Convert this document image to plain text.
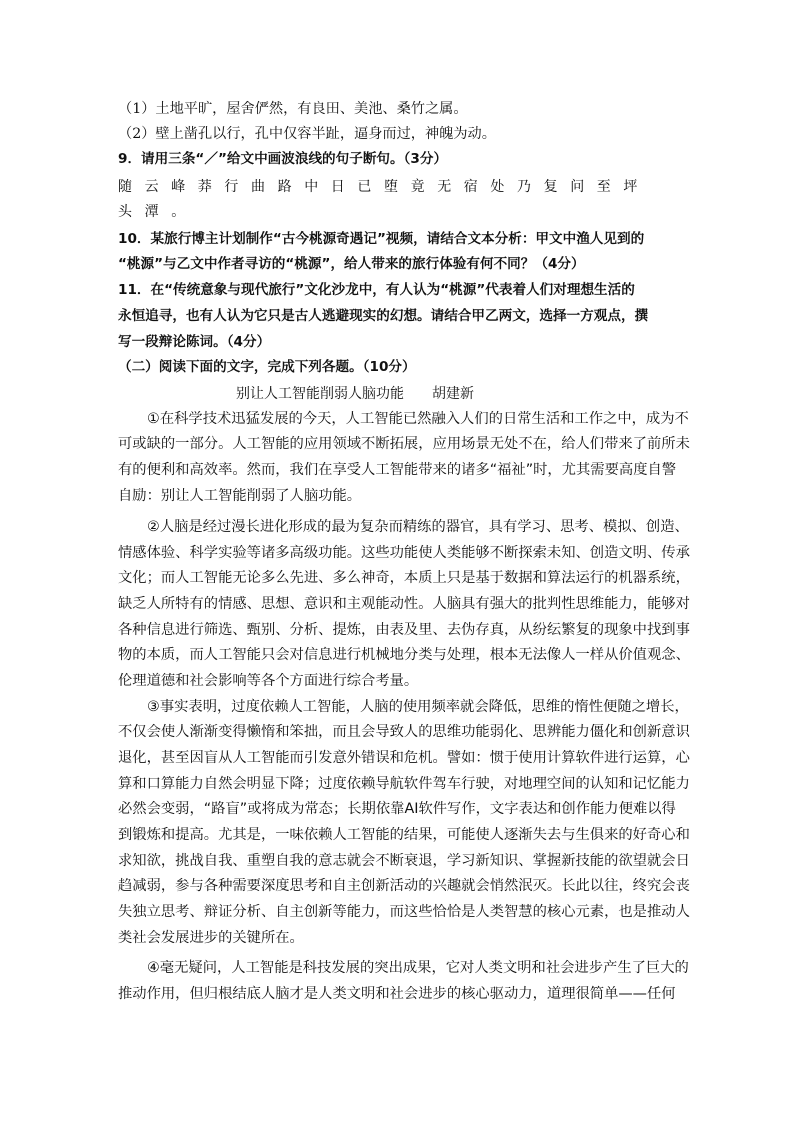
（1）土地平旷，屋舍俨然，有良田、美池、桑竹之属。
（2）壁上凿孔以行，孔中仅容半趾，逼身而过，神魄为动。
9．请用三条“／”给文中画波浪线的句子断句。（3分）
随云峰莽行曲路中日已堕竟无宿处乃复问至坪
头潭。
10．某旅行博主计划制作“古今桃源奇遇记”视频，请结合文本分析：甲文中渔人见到的
“桃源”与乙文中作者寻访的“桃源”，给人带来的旅行体验有何不同？（4分）
11．在“传统意象与现代旅行”文化沙龙中，有人认为“桃源”代表着人们对理想生活的
永恒追寻，也有人认为它只是古人逃避现实的幻想。请结合甲乙两文，选择一方观点，撰
写一段辩论陈词。（4分）
（二）阅读下面的文字，完成下列各题。（10分）
别让人工智能削弱人脑功能　　胡建新
①在科学技术迅猛发展的今天，人工智能已然融入人们的日常生活和工作之中，成为不
可或缺的一部分。人工智能的应用领域不断拓展，应用场景无处不在，给人们带来了前所未
有的便利和高效率。然而，我们在享受人工智能带来的诸多“福祉”时，尤其需要高度自警
自励：别让人工智能削弱了人脑功能。
②人脑是经过漫长进化形成的最为复杂而精练的器官，具有学习、思考、模拟、创造、
情感体验、科学实验等诸多高级功能。这些功能使人类能够不断探索未知、创造文明、传承
文化；而人工智能无论多么先进、多么神奇，本质上只是基于数据和算法运行的机器系统，
缺乏人所特有的情感、思想、意识和主观能动性。人脑具有强大的批判性思维能力，能够对
各种信息进行筛选、甄别、分析、提炼，由表及里、去伪存真，从纷纭繁复的现象中找到事
物的本质，而人工智能只会对信息进行机械地分类与处理，根本无法像人一样从价值观念、
伦理道德和社会影响等各个方面进行综合考量。
③事实表明，过度依赖人工智能，人脑的使用频率就会降低，思维的惰性便随之增长，
不仅会使人渐渐变得懒惰和笨拙，而且会导致人的思维功能弱化、思辨能力僵化和创新意识
退化，甚至因盲从人工智能而引发意外错误和危机。譬如：惯于使用计算软件进行运算，心
算和口算能力自然会明显下降；过度依赖导航软件驾车行驶，对地理空间的认知和记忆能力
必然会变弱，“路盲”或将成为常态；长期依靠AI软件写作，文字表达和创作能力便难以得
到锻炼和提高。尤其是，一味依赖人工智能的结果，可能使人逐渐失去与生俱来的好奇心和
求知欲，挑战自我、重塑自我的意志就会不断衰退，学习新知识、掌握新技能的欲望就会日
趋减弱，参与各种需要深度思考和自主创新活动的兴趣就会悄然泯灭。长此以往，终究会丧
失独立思考、辩证分析、自主创新等能力，而这些恰恰是人类智慧的核心元素，也是推动人
类社会发展进步的关键所在。
④毫无疑问，人工智能是科技发展的突出成果，它对人类文明和社会进步产生了巨大的
推动作用，但归根结底人脑才是人类文明和社会进步的核心驱动力，道理很简单——任何
